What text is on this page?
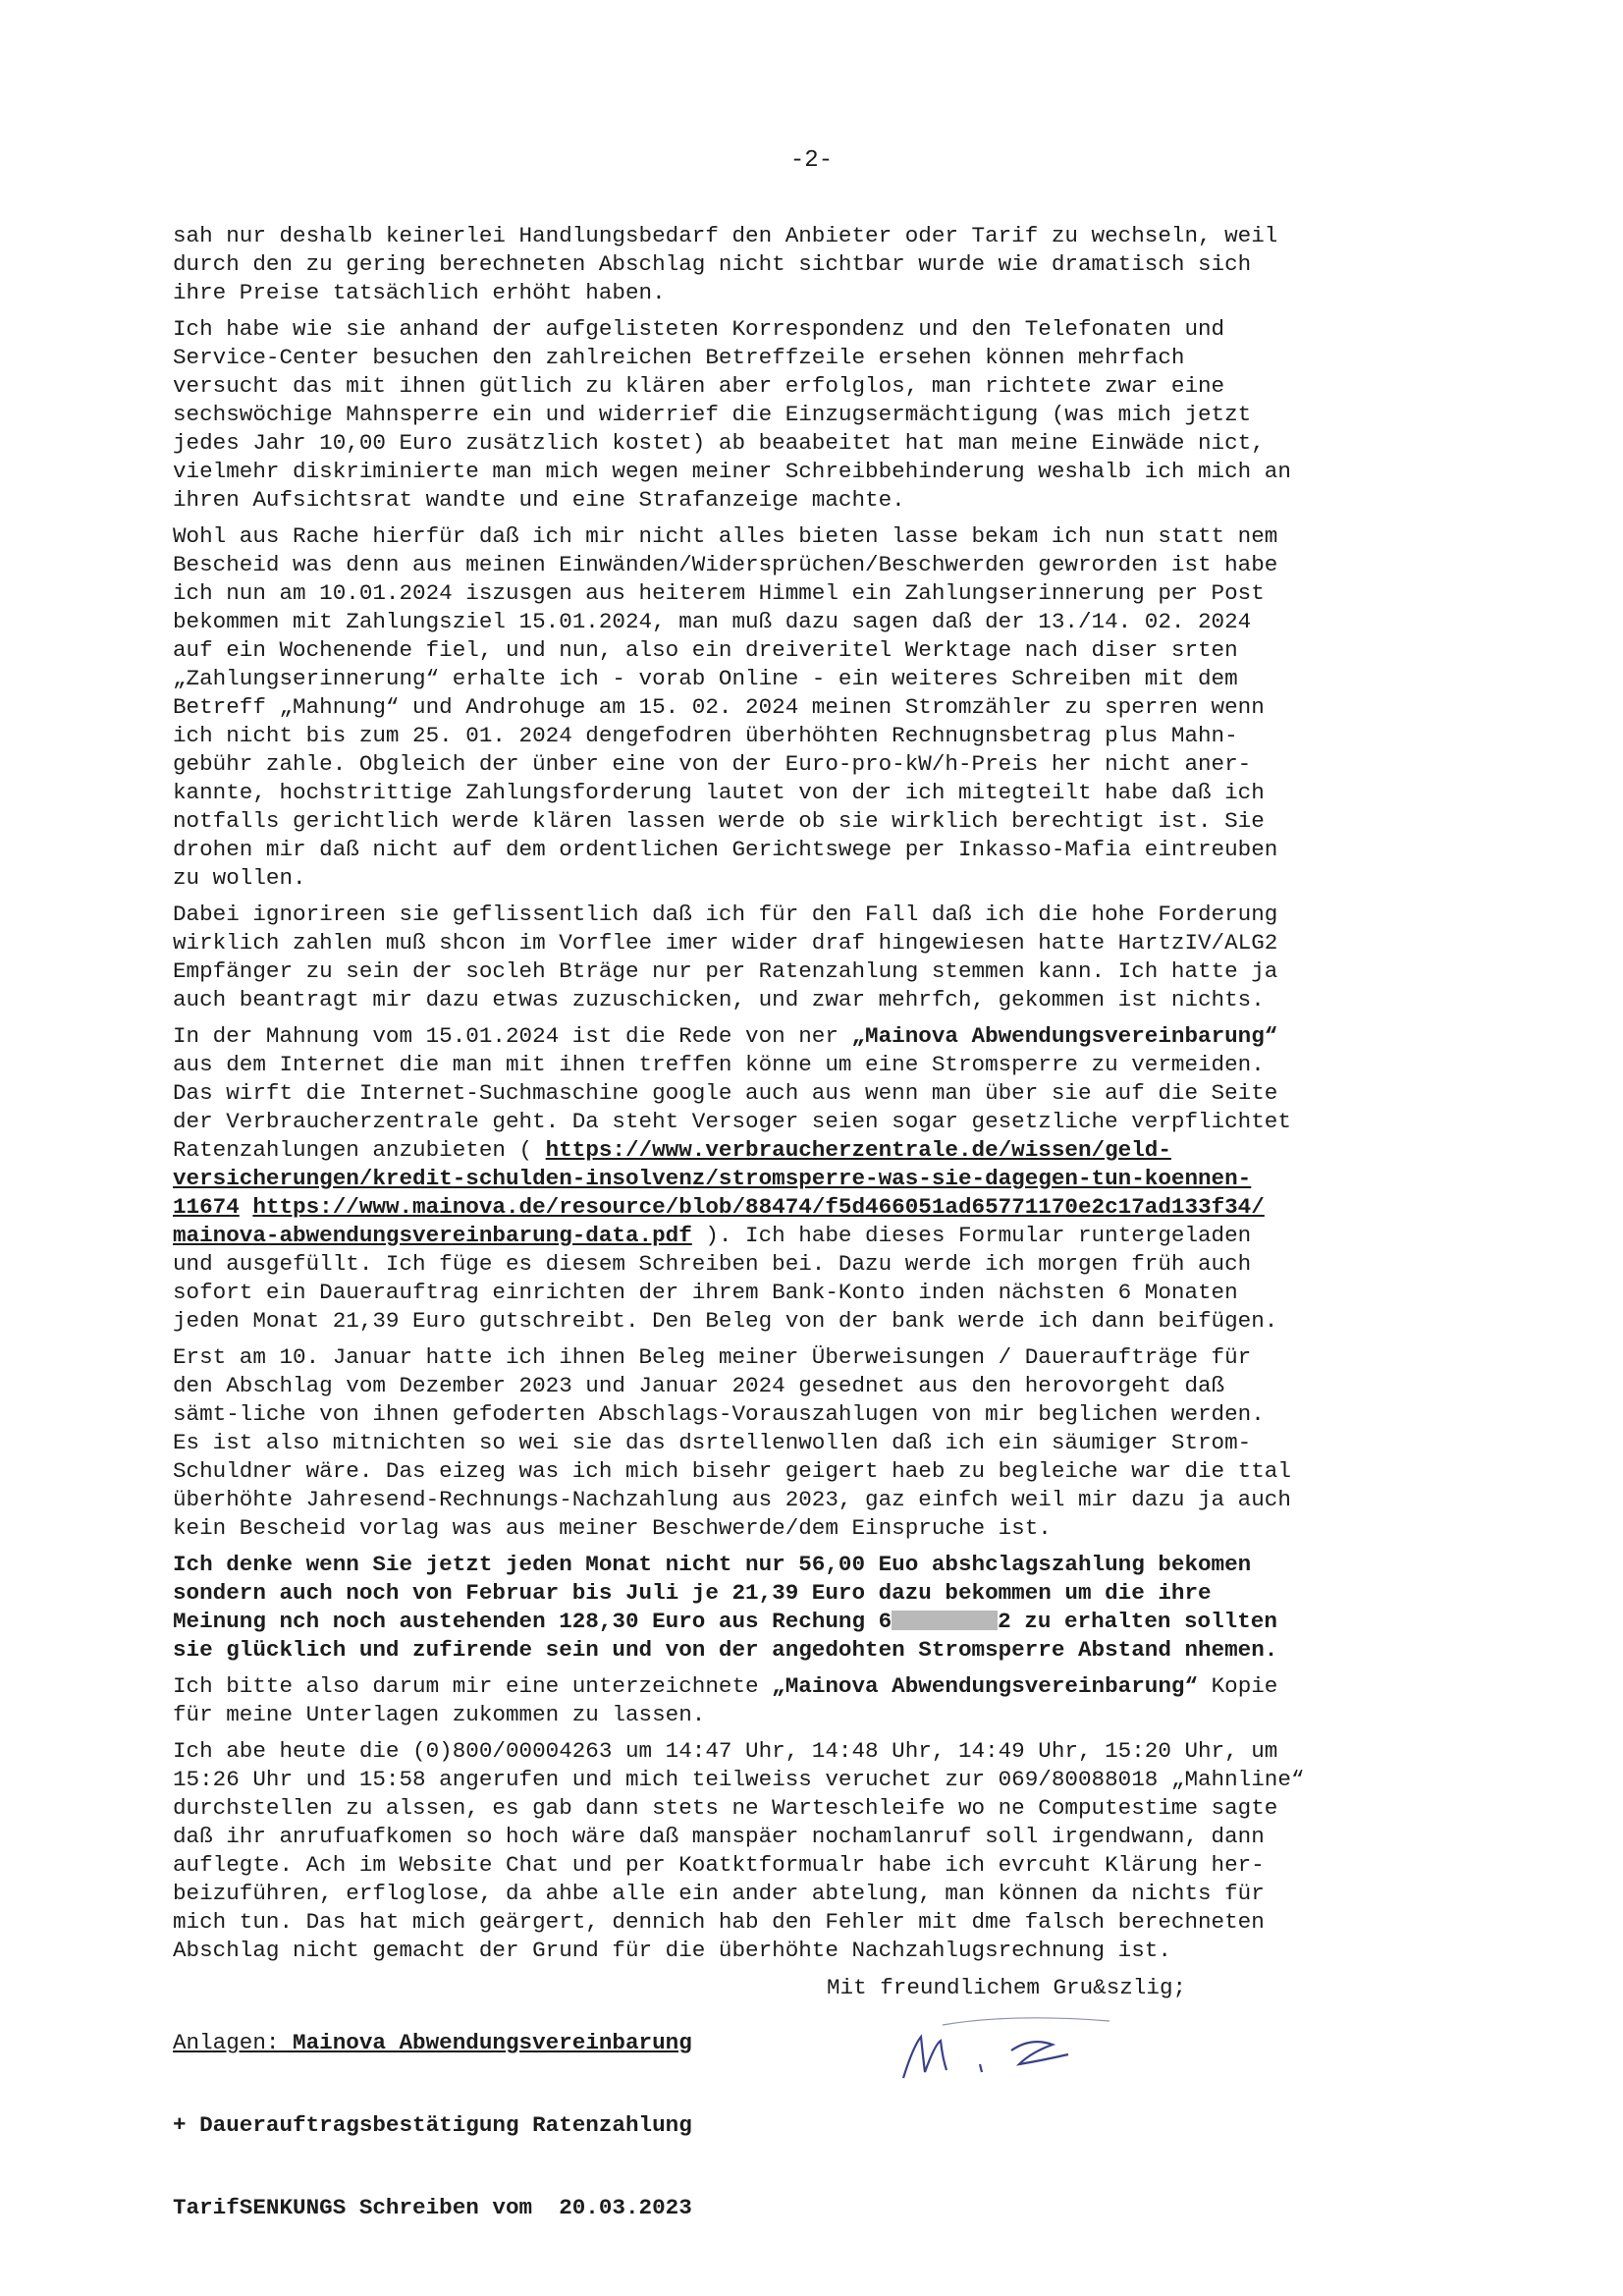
-2-
sah nur deshalb keinerlei Handlungsbedarf den Anbieter oder Tarif zu wechseln, weil
durch den zu gering berechneten Abschlag nicht sichtbar wurde wie dramatisch sich
ihre Preise tatsächlich erhöht haben.
Ich habe wie sie anhand der aufgelisteten Korrespondenz und den Telefonaten und
Service-Center besuchen den zahlreichen Betreffzeile ersehen können mehrfach
versucht das mit ihnen gütlich zu klären aber erfolglos, man richtete zwar eine
sechswöchige Mahnsperre ein und widerrief die Einzugsermächtigung (was mich jetzt
jedes Jahr 10,00 Euro zusätzlich kostet) ab beaabeitet hat man meine Einwäde nict,
vielmehr diskriminierte man mich wegen meiner Schreibbehinderung weshalb ich mich an
ihren Aufsichtsrat wandte und eine Strafanzeige machte.
Wohl aus Rache hierfür daß ich mir nicht alles bieten lasse bekam ich nun statt nem
Bescheid was denn aus meinen Einwänden/Widersprüchen/Beschwerden gewrorden ist habe
ich nun am 10.01.2024 iszusgen aus heiterem Himmel ein Zahlungserinnerung per Post
bekommen mit Zahlungsziel 15.01.2024, man muß dazu sagen daß der 13./14. 02. 2024
auf ein Wochenende fiel, und nun, also ein dreiveritel Werktage nach diser srten
„Zahlungserinnerung“ erhalte ich - vorab Online - ein weiteres Schreiben mit dem
Betreff „Mahnung“ und Androhuge am 15. 02. 2024 meinen Stromzähler zu sperren wenn
ich nicht bis zum 25. 01. 2024 dengefodren überhöhten Rechnugnsbetrag plus Mahn-
gebühr zahle. Obgleich der ünber eine von der Euro-pro-kW/h-Preis her nicht aner-
kannte, hochstrittige Zahlungsforderung lautet von der ich mitegteilt habe daß ich
notfalls gerichtlich werde klären lassen werde ob sie wirklich berechtigt ist. Sie
drohen mir daß nicht auf dem ordentlichen Gerichtswege per Inkasso-Mafia eintreuben
zu wollen.
Dabei ignorireen sie geflissentlich daß ich für den Fall daß ich die hohe Forderung
wirklich zahlen muß shcon im Vorflee imer wider draf hingewiesen hatte HartzIV/ALG2
Empfänger zu sein der socleh Bträge nur per Ratenzahlung stemmen kann. Ich hatte ja
auch beantragt mir dazu etwas zuzuschicken, und zwar mehrfch, gekommen ist nichts.
In der Mahnung vom 15.01.2024 ist die Rede von ner „Mainova Abwendungsvereinbarung“
aus dem Internet die man mit ihnen treffen könne um eine Stromsperre zu vermeiden.
Das wirft die Internet-Suchmaschine google auch aus wenn man über sie auf die Seite
der Verbraucherzentrale geht. Da steht Versoger seien sogar gesetzliche verpflichtet
Ratenzahlungen anzubieten ( https://www.verbraucherzentrale.de/wissen/geld-
versicherungen/kredit-schulden-insolvenz/stromsperre-was-sie-dagegen-tun-koennen-
11674 https://www.mainova.de/resource/blob/88474/f5d466051ad65771170e2c17ad133f34/
mainova-abwendungsvereinbarung-data.pdf ). Ich habe dieses Formular runtergeladen
und ausgefüllt. Ich füge es diesem Schreiben bei. Dazu werde ich morgen früh auch
sofort ein Dauerauftrag einrichten der ihrem Bank-Konto inden nächsten 6 Monaten
jeden Monat 21,39 Euro gutschreibt. Den Beleg von der bank werde ich dann beifügen.
Erst am 10. Januar hatte ich ihnen Beleg meiner Überweisungen / Daueraufträge für
den Abschlag vom Dezember 2023 und Januar 2024 gesednet aus den herovorgeht daß
sämt-liche von ihnen gefoderten Abschlags-Vorauszahlugen von mir beglichen werden.
Es ist also mitnichten so wei sie das dsrtellenwollen daß ich ein säumiger Strom-
Schuldner wäre. Das eizeg was ich mich bisehr geigert haeb zu begleiche war die ttal
überhöhte Jahresend-Rechnungs-Nachzahlung aus 2023, gaz einfch weil mir dazu ja auch
kein Bescheid vorlag was aus meiner Beschwerde/dem Einspruche ist.
Ich denke wenn Sie jetzt jeden Monat nicht nur 56,00 Euo abshclagszahlung bekomen
sondern auch noch von Februar bis Juli je 21,39 Euro dazu bekommen um die ihre
Meinung nch noch austehenden 128,30 Euro aus Rechung 6	2 zu erhalten sollten
sie glücklich und zufirende sein und von der angedohten Stromsperre Abstand nhemen.
Ich bitte also darum mir eine unterzeichnete „Mainova Abwendungsvereinbarung“ Kopie
für meine Unterlagen zukommen zu lassen.
Ich abe heute die (0)800/00004263 um 14:47 Uhr, 14:48 Uhr, 14:49 Uhr, 15:20 Uhr, um
15:26 Uhr und 15:58 angerufen und mich teilweiss veruchet zur 069/80088018 „Mahnline“
durchstellen zu alssen, es gab dann stets ne Warteschleife wo ne Computestime sagte
daß ihr anrufuafkomen so hoch wäre daß manspäer nochamlanruf soll irgendwann, dann
auflegte. Ach im Website Chat und per Koatktformualr habe ich evrcuht Klärung her-
beizuführen, erfloglose, da ahbe alle ein ander abtelung, man können da nichts für
mich tun. Das hat mich geärgert, dennich hab den Fehler mit dme falsch berechneten
Abschlag nicht gemacht der Grund für die überhöhte Nachzahlugsrechnung ist.

Anlagen: Mainova Abwendungsvereinbarung

+ Dauerauftragsbestätigung Ratenzahlung

TarifSENKUNGS Schreiben vom  20.03.2023

Mit freundlichem Gru&szlig;
